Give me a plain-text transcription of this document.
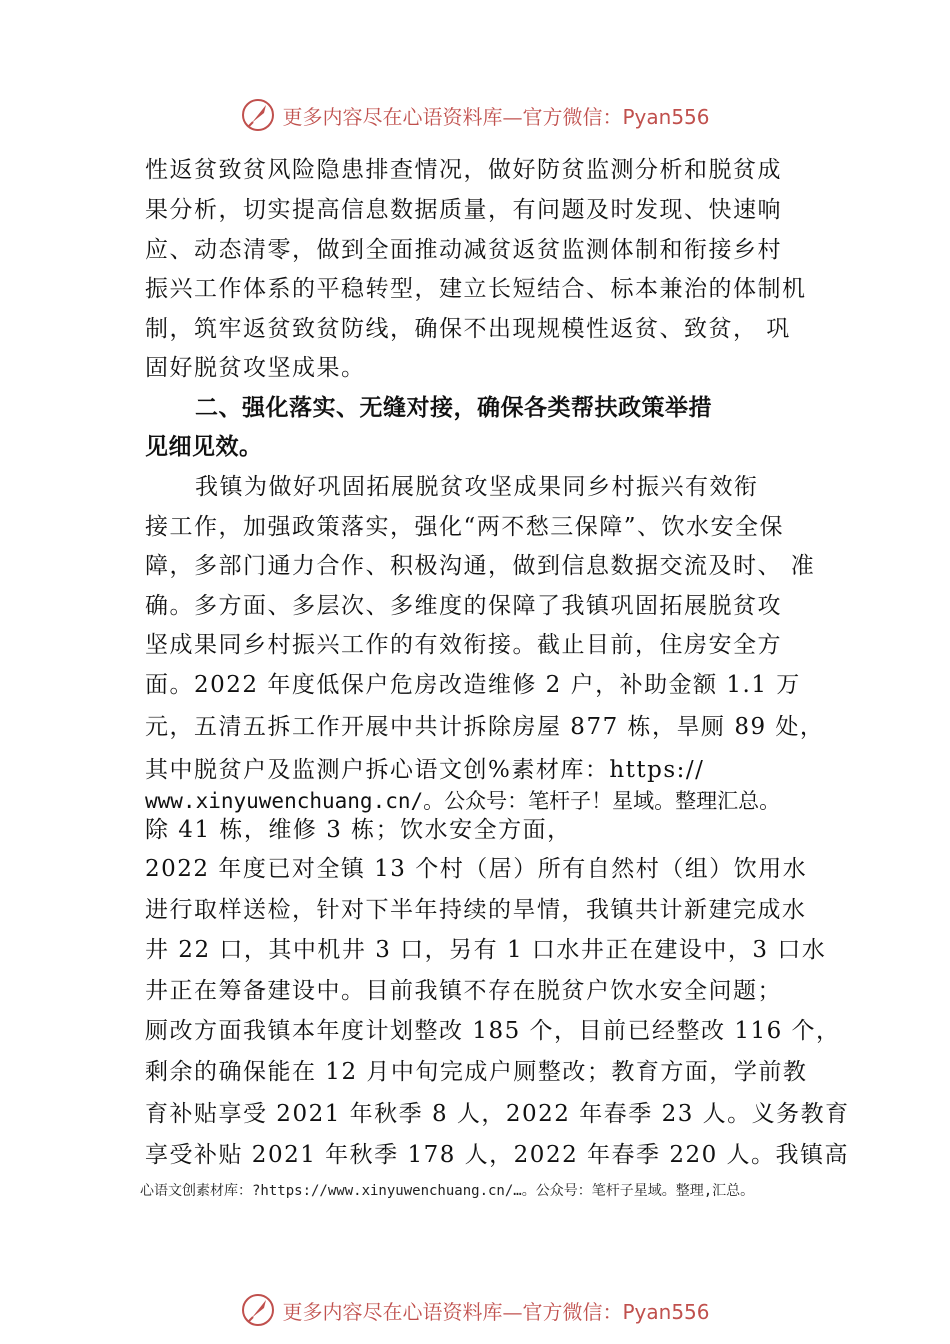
更多内容尽在心语资料库—官方微信：Pyan556
性返贫致贫风险隐患排查情况，做好防贫监测分析和脱贫成
果分析，切实提高信息数据质量，有问题及时发现、快速响
应、动态清零，做到全面推动减贫返贫监测体制和衔接乡村
振兴工作体系的平稳转型，建立长短结合、标本兼治的体制机
制，筑牢返贫致贫防线，确保不出现规模性返贫、致贫， 巩
固好脱贫攻坚成果。
二、强化落实、无缝对接，确保各类帮扶政策举措
见细见效。
我镇为做好巩固拓展脱贫攻坚成果同乡村振兴有效衔
接工作，加强政策落实，强化“两不愁三保障”、饮水安全保
障，多部门通力合作、积极沟通，做到信息数据交流及时、 准
确。多方面、多层次、多维度的保障了我镇巩固拓展脱贫攻
坚成果同乡村振兴工作的有效衔接。截止目前，住房安全方
面。2022 年度低保户危房改造维修 2 户，补助金额 1.1 万
元，五清五拆工作开展中共计拆除房屋 877 栋，旱厕 89 处，
其中脱贫户及监测户拆心语文创%素材库：https://
www.xinyuwenchuang.cn/。公众号：笔杆子！星域。整理汇总。
除 41 栋，维修 3 栋；饮水安全方面，
2022 年度已对全镇 13 个村（居）所有自然村（组）饮用水
进行取样送检，针对下半年持续的旱情，我镇共计新建完成水
井 22 口，其中机井 3 口，另有 1 口水井正在建设中，3 口水
井正在筹备建设中。目前我镇不存在脱贫户饮水安全问题；
厕改方面我镇本年度计划整改 185 个，目前已经整改 116 个，
剩余的确保能在 12 月中旬完成户厕整改；教育方面，学前教
育补贴享受 2021 年秋季 8 人，2022 年春季 23 人。义务教育
享受补贴 2021 年秋季 178 人，2022 年春季 220 人。我镇高
心语文创素材库：?https://www.xinyuwenchuang.cn/…。公众号：笔杆子星域。整理,汇总。
更多内容尽在心语资料库—官方微信：Pyan556
